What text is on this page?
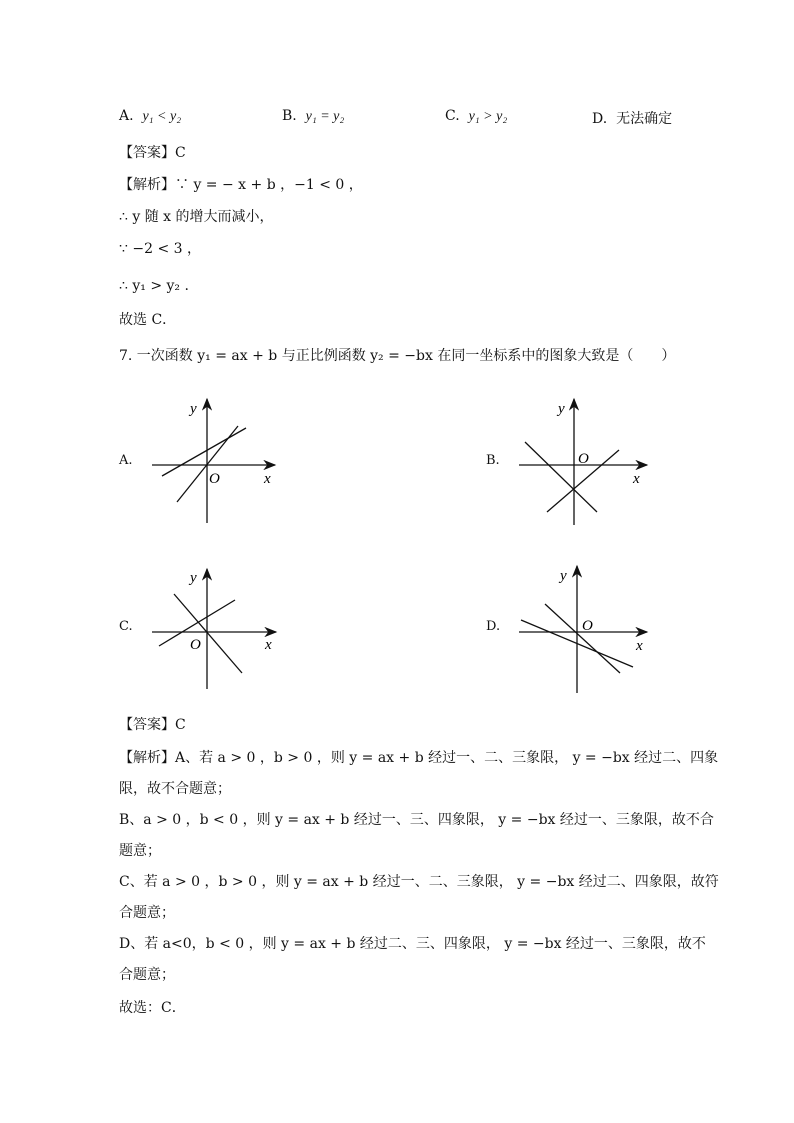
A. y₁ < y₂	B. y₁ = y₂	C. y₁ > y₂	D. 无法确定
【答案】C
【解析】∵ y = − x + b ，−1 < 0 ，
∴ y 随 x 的增大而减小，
∵ −2 < 3 ，
∴ y₁ > y₂ .
故选 C．
7. 一次函数 y₁ = ax + b 与正比例函数 y₂ = −bx 在同一坐标系中的图象大致是（　　）
A.	B.
C.	D.
y
x
O
y
x
O
y
x
O
y
x
O
【答案】C
【解析】A、若 a > 0 ，b > 0 ，则 y = ax + b 经过一、二、三象限， y = −bx 经过二、四象
限，故不合题意；
B、a > 0 ，b < 0 ，则 y = ax + b 经过一、三、四象限， y = −bx 经过一、三象限，故不合
题意；
C、若 a > 0 ，b > 0 ，则 y = ax + b 经过一、二、三象限， y = −bx 经过二、四象限，故符
合题意；
D、若 a<0，b < 0 ，则 y = ax + b 经过二、三、四象限， y = −bx 经过一、三象限，故不
合题意；
故选：C．
